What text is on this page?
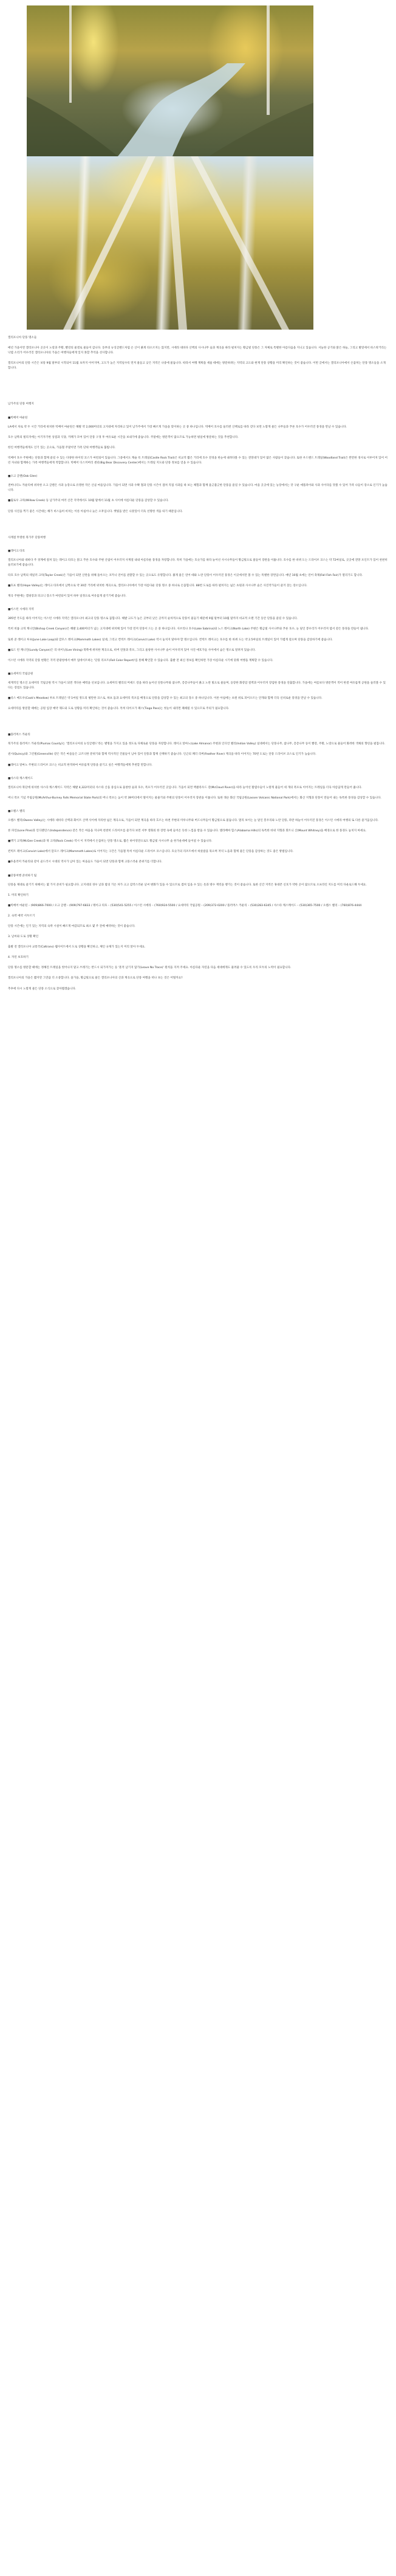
캘리포니아 단풍 명소들

매년 가을이면 캘리포니아 곳곳이 노랑과 주황, 빨강의 물결로 물들어 갑니다. 동부의 뉴잉글랜드처럼 온 산이 붉게 타오르지는 않지만, 시에라 네바다 산맥의 사시나무 숲과 계곡을 따라 펼쳐지는 황금빛 단풍은 그 자체로 특별한 아름다움을 지니고 있습니다. 서늘한 공기와 맑은 하늘, 그리고 발밑에서 바스락거리는 낙엽 소리가 어우러진 캘리포니아의 가을은 여행자들에게 잊지 못할 추억을 선사합니다.

캘리포니아의 단풍 시즌은 보통 9월 말부터 시작되어 11월 초까지 이어지며, 고도가 높은 지역일수록 먼저 물들고 낮은 지역은 나중에 물듭니다. 따라서 여행 계획을 세울 때에는 방문하려는 지역의 고도와 현재 단풍 상황을 미리 확인하는 것이 좋습니다. 이번 글에서는 캘리포니아에서 손꼽히는 단풍 명소들을 소개합니다.

남가주의 단풍 여행지

■빅베어 마운틴

LA에서 차로 약 두 시간 거리에 위치한 빅베어 마운틴은 해발 약 2,000미터의 고지대에 자리하고 있어 남가주에서 가장 빠르게 가을을 맞이하는 곳 중 하나입니다. 빅베어 호수를 둘러싼 산책로를 따라 걷다 보면 노랗게 물든 나무들과 푸른 호수가 어우러진 풍경을 만날 수 있습니다.

호수 남쪽의 빌리지에는 아기자기한 상점과 식당, 카페가 모여 있어 단풍 구경 후 여유로운 시간을 보내기에 좋습니다. 주말에는 방문객이 많으므로 가능하면 평일에 방문하는 것을 추천합니다.

한인 여행객들에게도 인기 있는 곳으로, 가을철 주말이면 가족 단위 여행객들로 붐빕니다.

빅베어 호수 주변에는 단풍과 함께 즐길 수 있는 다양한 하이킹 코스가 마련되어 있습니다. 그중에서도 캐슬 록 트레일(Castle Rock Trail)은 비교적 짧은 거리에 호수 전경을 한눈에 내려다볼 수 있는 전망대가 있어 많은 사람들이 찾습니다. 또한 우드랜드 트레일(Woodland Trail)은 완만한 경사로 이루어져 있어 어린 자녀와 함께하는 가족 여행객들에게 적합합니다. 빅베어 디스커버리 센터(Big Bear Discovery Center)에서는 트레일 지도와 단풍 정보를 얻을 수 있습니다.

■오크 글렌(Oak Glen)

샌버나디노 카운티에 위치한 오크 글렌은 사과 농장으로 유명한 작은 산골 마을입니다. 가을이 되면 사과 수확 철과 단풍 시즌이 겹쳐 직접 사과를 따 보는 체험과 함께 울긋불긋한 단풍을 즐길 수 있습니다. 마을 곳곳에 있는 농장에서는 갓 구운 애플파이와 사과 사이다를 맛볼 수 있어 가족 나들이 장소로 인기가 높습니다.

■윌로우 크릭(Willow Creek) 등 남가주의 여러 산간 지역에서도 10월 말에서 11월 초 사이에 아름다운 단풍을 감상할 수 있습니다.

단풍 사진을 찍기 좋은 시간대는 해가 비스듬히 비치는 이른 아침이나 늦은 오후입니다. 햇빛을 받은 나뭇잎이 더욱 선명한 색을 띠기 때문입니다.

사계절 뚜렷한 북가주 단풍여행

■레이크 타호

캘리포니아와 네바다 주 경계에 걸쳐 있는 레이크 타호는 맑고 푸른 호수와 주변 산림이 어우러져 사계절 내내 아름다운 풍경을 자랑합니다. 특히 가을에는 호숫가를 따라 늘어선 사시나무들이 황금빛으로 물들어 장관을 이룹니다. 호수를 한 바퀴 도는 드라이브 코스는 약 72마일로, 곳곳에 전망 포인트가 있어 천천히 둘러보기에 좋습니다.

타호 호수 남쪽의 테일러 크릭(Taylor Creek)은 가을이 되면 산란을 위해 돌아오는 코카니 연어를 관찰할 수 있는 곳으로도 유명합니다. 붉게 물든 연어 떼와 노란 단풍이 어우러진 풍경은 이곳에서만 볼 수 있는 특별한 장면입니다. 매년 10월 초에는 연어 축제(Fall Fish Fair)가 열리기도 합니다.

■호프 밸리(Hope Valley)는 레이크 타호에서 남쪽으로 약 30분 거리에 위치한 계곡으로, 캘리포니아에서 가장 아름다운 단풍 명소 중 하나로 손꼽힙니다. 88번 도로를 따라 펼쳐지는 넓은 초원과 사시나무 숲은 사진작가들이 즐겨 찾는 장소입니다.

계곡 주변에는 캠핑장과 피크닉 장소가 마련되어 있어 하루 일정으로 여유롭게 즐기기에 좋습니다.

■이스턴 시에라 지역

395번 국도를 따라 이어지는 이스턴 시에라 지역은 캘리포니아 최고의 단풍 명소로 꼽힙니다. 해발 고도가 높은 곳부터 낮은 곳까지 순차적으로 단풍이 물들기 때문에 9월 말부터 10월 말까지 비교적 오랜 기간 동안 단풍을 즐길 수 있습니다.

특히 비숍 크릭 캐니언(Bishop Creek Canyon)은 해발 2,400미터가 넘는 고지대에 위치해 있어 가장 먼저 단풍이 드는 곳 중 하나입니다. 사브리나 호수(Lake Sabrina)와 노스 레이크(North Lake) 주변은 황금빛 사시나무와 푸른 호수, 눈 덮인 봉우리가 어우러져 엽서 같은 풍경을 만들어 냅니다.

또한 준 레이크 루프(June Lake Loop)와 맘모스 레이크(Mammoth Lakes) 일대, 그리고 컨빅트 레이크(Convict Lake) 역시 놓치지 말아야 할 명소입니다. 컨빅트 레이크는 호수를 한 바퀴 도는 약 2.5마일의 트레일이 있어 가볍게 걸으며 단풍을 감상하기에 좋습니다.

■로드 런 캐니언(Lundy Canyon)은 리 바이닝(Lee Vining) 북쪽에 위치한 계곡으로, 비버 연못과 폭포, 그리고 울창한 사시나무 숲이 어우러져 있어 사진 애호가들 사이에서 숨은 명소로 알려져 있습니다.

이스턴 시에라 지역의 단풍 현황은 지역 관광청에서 매주 업데이트하는 '단풍 리포트(Fall Color Report)'를 통해 확인할 수 있습니다. 출발 전 최신 정보를 확인하면 가장 아름다운 시기에 맞춰 여행을 계획할 수 있습니다.

■요세미티 국립공원

세계적인 명소인 요세미티 국립공원 역시 가을이 되면 색다른 매력을 선보입니다. 요세미티 밸리의 머세드 강을 따라 늘어선 단풍나무와 참나무, 층층나무들이 붉고 노란 빛으로 물들며, 웅장한 화강암 절벽과 어우러져 장엄한 풍경을 연출합니다. 가을에는 여름보다 방문객이 적어 한결 여유롭게 공원을 둘러볼 수 있다는 장점도 있습니다.

■쿡스 메도우(Cook's Meadow) 루프 트레일은 약 1마일 정도의 평탄한 코스로, 하프 돔과 요세미티 폭포를 배경으로 단풍을 감상할 수 있는 최고의 장소 중 하나입니다. 이른 아침에는 초원 위로 피어오르는 안개와 함께 더욱 신비로운 풍경을 만날 수 있습니다.

요세미티를 방문할 때에는 공원 입장 예약 제도와 도로 상황을 미리 확인하는 것이 좋습니다. 특히 타이오가 패스(Tioga Pass)는 첫눈이 내리면 폐쇄될 수 있으므로 주의가 필요합니다.

■플러머스 카운티

북가주의 플러머스 카운티(Plumas County)는 '캘리포니아의 뉴잉글랜드'라는 별명을 가지고 있을 정도로 다채로운 단풍을 자랑합니다. 레이크 알마노(Lake Almanor) 주변과 인디언 밸리(Indian Valley) 일대에서는 단풍나무, 참나무, 층층나무 등이 빨강, 주황, 노랑으로 물들어 화려한 색채의 향연을 펼칩니다.

퀸시(Quincy)와 그린빌(Greenville) 같은 작은 마을들은 고즈넉한 분위기와 함께 역사적인 건물들이 남아 있어 단풍과 함께 산책하기 좋습니다. 인근의 페더 리버(Feather River) 계곡을 따라 이어지는 70번 도로는 단풍 드라이브 코스로 인기가 높습니다.

■레이크 알마노 주변의 드라이브 코스는 비교적 한적하여 여유롭게 단풍을 즐기고 싶은 여행객들에게 추천할 만합니다.

■샤스타 캐스케이드

캘리포니아 북단에 위치한 샤스타 캐스케이드 지역은 해발 4,322미터의 샤스타 산을 중심으로 울창한 숲과 호수, 폭포가 어우러진 곳입니다. 가을이 되면 맥클라우드 강(McCloud River)을 따라 늘어선 활엽수들이 노랗게 물들어 세 개의 폭포로 이어지는 트레일을 더욱 아름답게 만들어 줍니다.

버니 폭포 기념 주립공원(McArthur-Burney Falls Memorial State Park)의 버니 폭포는 높이 약 39미터에서 떨어지는 물줄기와 주변의 단풍이 어우러져 장관을 이룹니다. 또한 래슨 화산 국립공원(Lassen Volcanic National Park)에서는 화산 지형과 단풍이 만들어 내는 독특한 풍경을 감상할 수 있습니다.

■오웬스 밸리

오웬스 밸리(Owens Valley)는 시에라 네바다 산맥과 화이트 산맥 사이에 자리한 넓은 계곡으로, 가을이 되면 계곡을 따라 흐르는 하천 주변의 미루나무와 버드나무들이 황금빛으로 물듭니다. 멀리 보이는 눈 덮인 봉우리와 노란 단풍, 파란 하늘이 어우러진 풍경은 이스턴 시에라 여행의 또 다른 즐거움입니다.

론 파인(Lone Pine)과 인디펜던스(Independence) 같은 작은 마을을 지나며 천천히 드라이브를 즐기다 보면 서부 영화의 한 장면 속에 들어온 듯한 느낌을 받을 수 있습니다. 앨라배마 힐스(Alabama Hills)의 독특한 바위 지형과 휘트니 산(Mount Whitney)을 배경으로 한 풍경도 놓치지 마세요.

■맥기 크릭(McGee Creek)과 락 크릭(Rock Creek) 역시 이 지역에서 손꼽히는 단풍 명소로, 짧은 하이킹만으로도 황금빛 사시나무 숲 한가운데에 들어설 수 있습니다.

컨빅트 레이크(Convict Lake)에서 맘모스 레이크(Mammoth Lakes)로 이어지는 구간은 가을철 특히 아름다운 드라이브 코스입니다. 호숫가의 리조트에서 하룻밤을 묵으며 저녁 노을과 함께 물든 단풍을 감상하는 것도 좋은 방법입니다.

■투올러미 카운티와 같이 골드러시 시대의 역사가 남아 있는 마을들도 가을이 되면 단풍과 함께 고풍스러운 분위기를 더합니다.

■단풍여행 준비하기 팁

단풍을 제대로 즐기기 위해서는 몇 가지 준비가 필요합니다. 고지대의 경우 낮과 밤의 기온 차가 크고 갑작스러운 날씨 변화가 있을 수 있으므로 겹쳐 입을 수 있는 옷과 방수 재킷을 챙기는 것이 좋습니다. 또한 산간 지역은 휴대폰 신호가 약한 곳이 많으므로 오프라인 지도를 미리 다운로드해 두세요.

1. 미리 확인하기

■빅베어 마운틴 – (909)866-7000 / 오크 글렌 – (909)797-6833 / 레이크 타호 – (530)541-5255 / 이스턴 시에라 – (760)924-5500 / 요세미티 국립공원 – (209)372-0200 / 플러머스 카운티 – (530)283-6345 / 샤스타 캐스케이드 – (530)365-7500 / 오웬스 밸리 – (760)876-4444

2. 숙박 예약 서두르기

단풍 시즌에는 인기 있는 지역의 숙박 시설이 빠르게 마감되므로 최소 몇 주 전에 예약하는 것이 좋습니다.

3. 날씨와 도로 상황 확인

출발 전 캘리포니아 교통국(Caltrans) 웹사이트에서 도로 상황을 확인하고, 체인 규제가 있는지 미리 알아 두세요.

4. 자연 보호하기

단풍 명소를 방문할 때에는 정해진 트레일을 벗어나지 말고 쓰레기는 반드시 되가져가는 등 '흔적 남기지 않기(Leave No Trace)' 원칙을 지켜 주세요. 아름다운 자연을 다음 세대에게도 물려줄 수 있도록 우리 모두의 노력이 필요합니다.

캘리포니아의 가을은 짧지만 그만큼 더 소중합니다. 올가을, 황금빛으로 물든 캘리포니아의 산과 계곡으로 단풍 여행을 떠나 보는 것은 어떨까요?

추후에 다시 노랗게 물든 단풍 소식으로 찾아뵙겠습니다.
